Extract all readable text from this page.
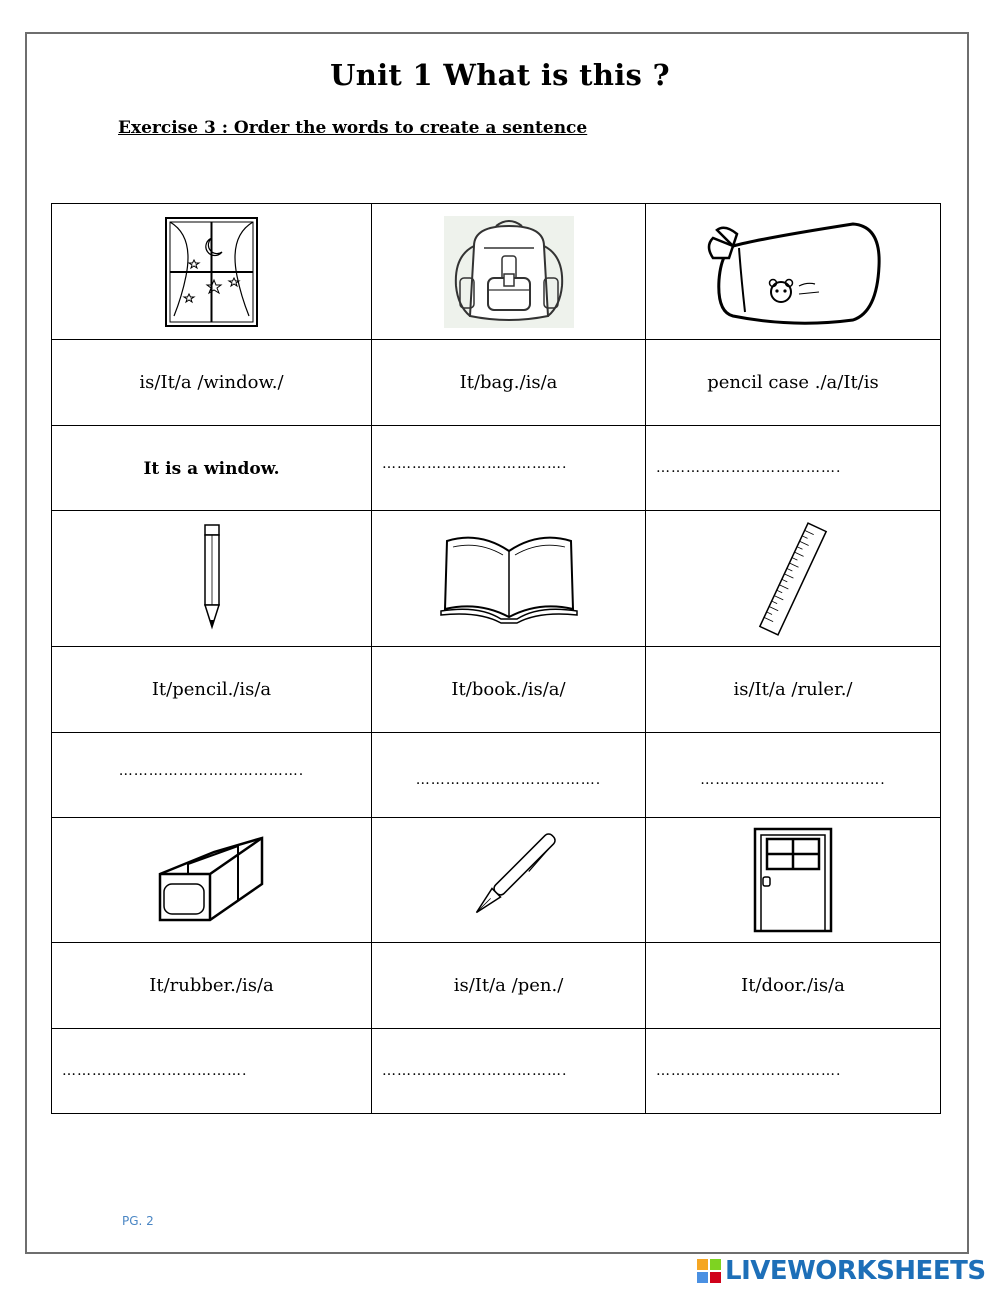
Unit 1 What is this ?
Exercise 3 : Order the words to create a sentence

is/It/a /window./	It/bag./is/a	pencil case ./a/It/is
It is a window.	……………………………….	……………………………….

It/pencil./is/a	It/book./is/a/	is/It/a /ruler./

……………………………….	……………………………….	……………………………….

It/rubber./is/a	is/It/a /pen./	It/door./is/a

……………………………….	……………………………….	……………………………….
PG. 2
LIVEWORKSHEETS
